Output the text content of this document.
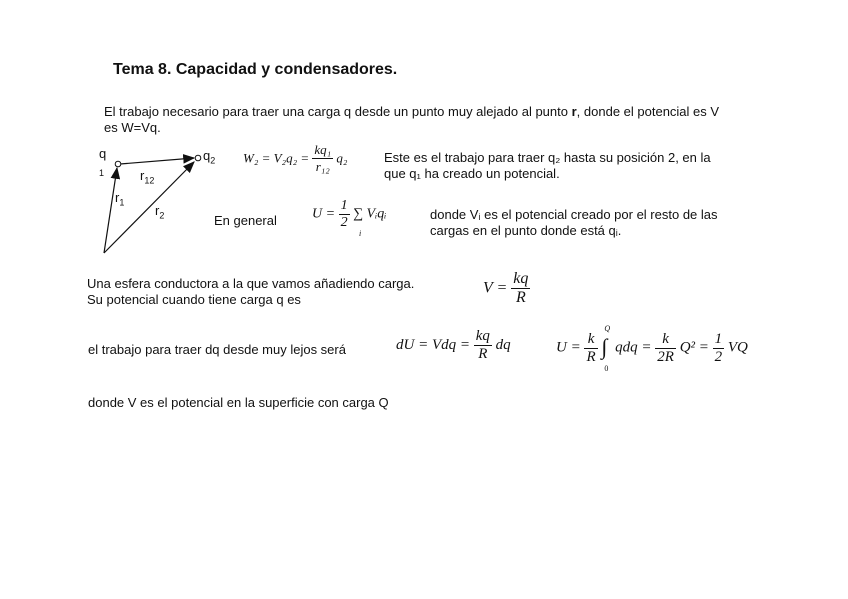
Tema 8. Capacidad y condensadores.
El trabajo necesario para traer una carga q desde un punto muy alejado al punto r, donde el potencial es V
es W=Vq.
q
1
$q_2$
$r_{12}$
$r_1$
$r_2$
$W_2 = V_2q_2 = \frac{\text{kq₁}}{\text{r₁₂}} q_2$	Este es el trabajo para traer q₂ hasta su posición 2, en la
que q₁ ha creado un potencial.
En general	$U = \frac{1}{2}$ ∑ Vᵢqᵢ
i
donde Vᵢ es el potencial creado por el resto de las
cargas en el punto donde está qᵢ.
Una esfera conductora a la que vamos añadiendo carga.
Su potencial cuando tiene carga q es
$V = \frac{kq}{R}$
el trabajo para traer dq desde muy lejos será	dU = Vdq = $\frac{kq}{R}$ dq	$U = \frac{k}{R}$
∫
Q
0
qdq = $\frac{k}{2R} Q^2 = \frac{1}{2}$ VQ
donde V es el potencial en la superficie con carga Q
